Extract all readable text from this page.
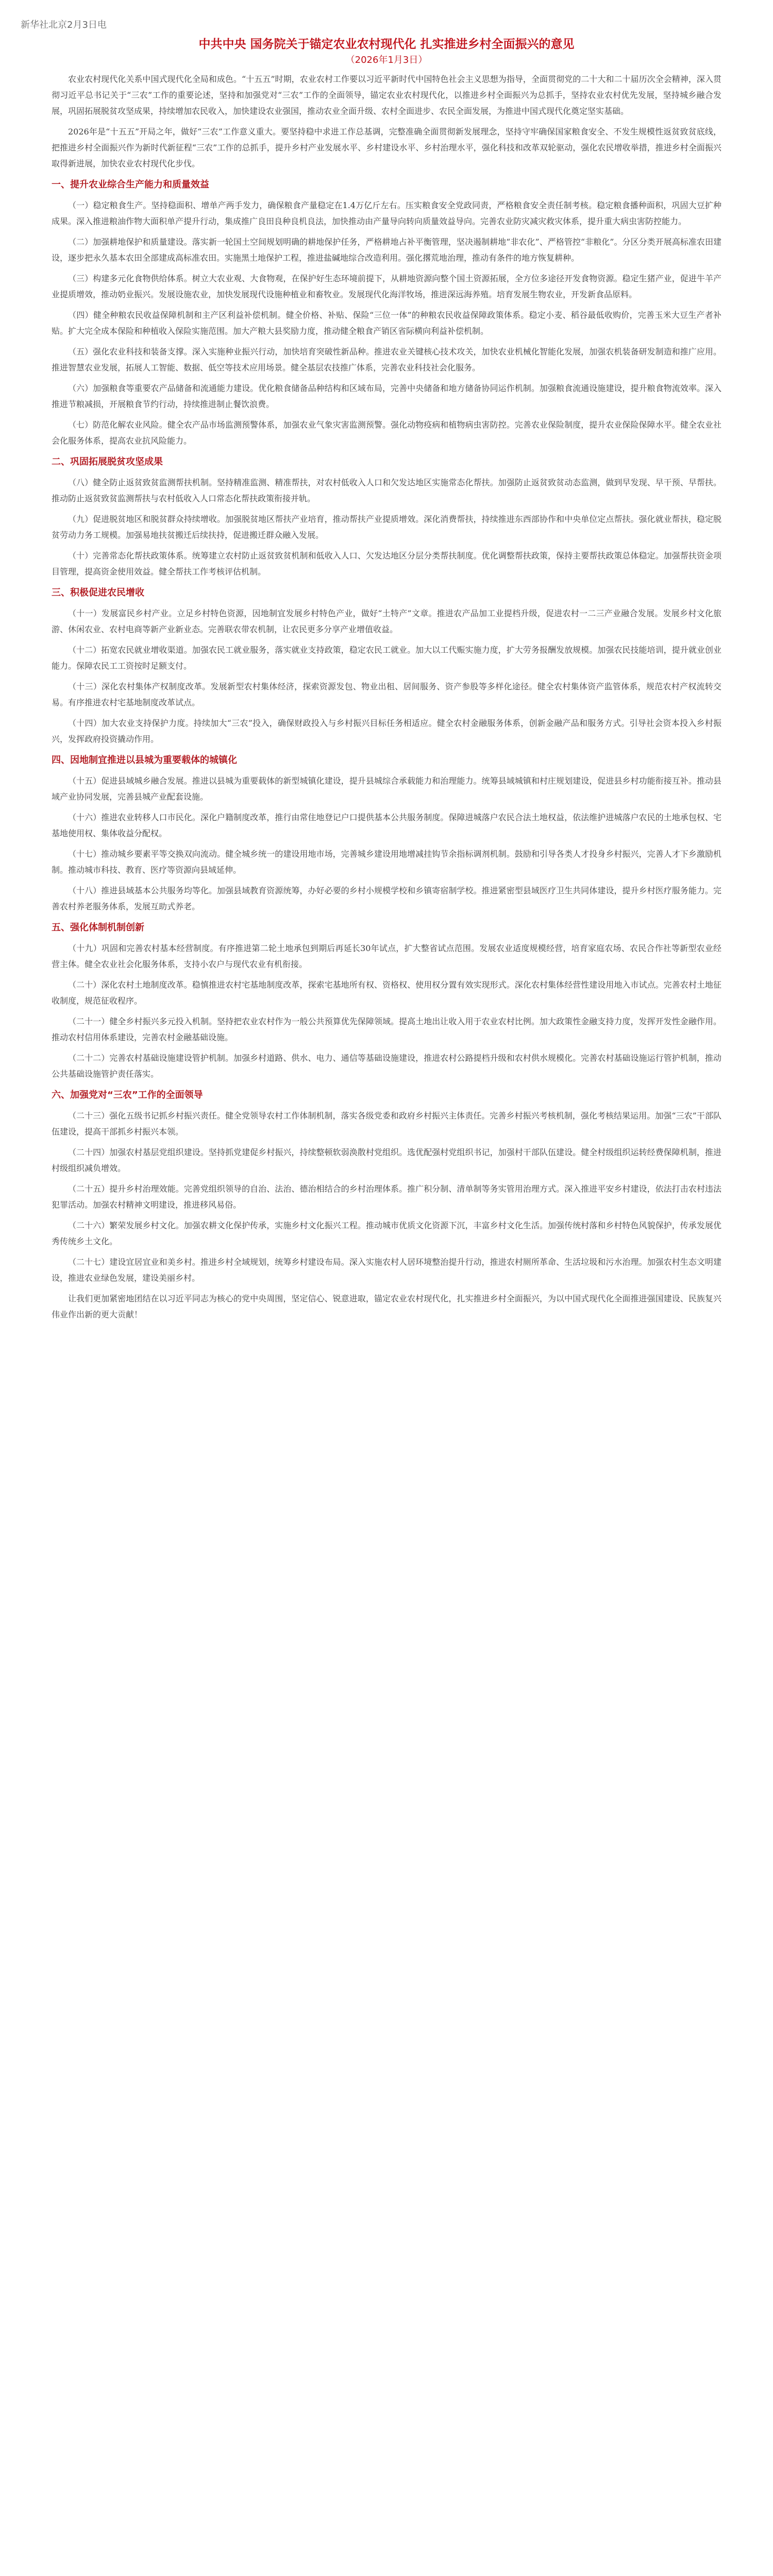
新华社北京2月3日电
中共中央 国务院关于锚定农业农村现代化 扎实推进乡村全面振兴的意见
（2026年1月3日）

农业农村现代化关系中国式现代化全局和成色。“十五五”时期，农业农村工作要以习近平新时代中国特色社会主义思想为指导，全面贯彻党的二十大和二十届历次全会精神，深入贯彻习近平总书记关于“三农”工作的重要论述，坚持和加强党对“三农”工作的全面领导，锚定农业农村现代化，以推进乡村全面振兴为总抓手，坚持农业农村优先发展，坚持城乡融合发展，巩固拓展脱贫攻坚成果，持续增加农民收入，加快建设农业强国，推动农业全面升级、农村全面进步、农民全面发展，为推进中国式现代化奠定坚实基础。

2026年是“十五五”开局之年，做好“三农”工作意义重大。要坚持稳中求进工作总基调，完整准确全面贯彻新发展理念，坚持守牢确保国家粮食安全、不发生规模性返贫致贫底线，把推进乡村全面振兴作为新时代新征程“三农”工作的总抓手，提升乡村产业发展水平、乡村建设水平、乡村治理水平，强化科技和改革双轮驱动，强化农民增收举措，推进乡村全面振兴取得新进展，加快农业农村现代化步伐。

一、提升农业综合生产能力和质量效益

（一）稳定粮食生产。坚持稳面积、增单产两手发力，确保粮食产量稳定在1.4万亿斤左右。压实粮食安全党政同责，严格粮食安全责任制考核。稳定粮食播种面积，巩固大豆扩种成果。深入推进粮油作物大面积单产提升行动，集成推广良田良种良机良法，加快推动由产量导向转向质量效益导向。完善农业防灾减灾救灾体系，提升重大病虫害防控能力。

（二）加强耕地保护和质量建设。落实新一轮国土空间规划明确的耕地保护任务，严格耕地占补平衡管理，坚决遏制耕地“非农化”、严格管控“非粮化”。分区分类开展高标准农田建设，逐步把永久基本农田全部建成高标准农田。实施黑土地保护工程，推进盐碱地综合改造利用。强化撂荒地治理，推动有条件的地方恢复耕种。

（三）构建多元化食物供给体系。树立大农业观、大食物观，在保护好生态环境前提下，从耕地资源向整个国土资源拓展，全方位多途径开发食物资源。稳定生猪产业，促进牛羊产业提质增效，推动奶业振兴。发展设施农业，加快发展现代设施种植业和畜牧业。发展现代化海洋牧场，推进深远海养殖。培育发展生物农业，开发新食品原料。

（四）健全种粮农民收益保障机制和主产区利益补偿机制。健全价格、补贴、保险“三位一体”的种粮农民收益保障政策体系。稳定小麦、稻谷最低收购价，完善玉米大豆生产者补贴。扩大完全成本保险和种植收入保险实施范围。加大产粮大县奖励力度，推动健全粮食产销区省际横向利益补偿机制。

（五）强化农业科技和装备支撑。深入实施种业振兴行动，加快培育突破性新品种。推进农业关键核心技术攻关，加快农业机械化智能化发展，加强农机装备研发制造和推广应用。推进智慧农业发展，拓展人工智能、数据、低空等技术应用场景。健全基层农技推广体系，完善农业科技社会化服务。

（六）加强粮食等重要农产品储备和流通能力建设。优化粮食储备品种结构和区域布局，完善中央储备和地方储备协同运作机制。加强粮食流通设施建设，提升粮食物流效率。深入推进节粮减损，开展粮食节约行动，持续推进制止餐饮浪费。

（七）防范化解农业风险。健全农产品市场监测预警体系，加强农业气象灾害监测预警。强化动物疫病和植物病虫害防控。完善农业保险制度，提升农业保险保障水平。健全农业社会化服务体系，提高农业抗风险能力。

二、巩固拓展脱贫攻坚成果

（八）健全防止返贫致贫监测帮扶机制。坚持精准监测、精准帮扶，对农村低收入人口和欠发达地区实施常态化帮扶。加强防止返贫致贫动态监测，做到早发现、早干预、早帮扶。推动防止返贫致贫监测帮扶与农村低收入人口常态化帮扶政策衔接并轨。

（九）促进脱贫地区和脱贫群众持续增收。加强脱贫地区帮扶产业培育，推动帮扶产业提质增效。深化消费帮扶，持续推进东西部协作和中央单位定点帮扶。强化就业帮扶，稳定脱贫劳动力务工规模。加强易地扶贫搬迁后续扶持，促进搬迁群众融入发展。

（十）完善常态化帮扶政策体系。统筹建立农村防止返贫致贫机制和低收入人口、欠发达地区分层分类帮扶制度。优化调整帮扶政策，保持主要帮扶政策总体稳定。加强帮扶资金项目管理，提高资金使用效益。健全帮扶工作考核评估机制。

三、积极促进农民增收

（十一）发展富民乡村产业。立足乡村特色资源，因地制宜发展乡村特色产业，做好“土特产”文章。推进农产品加工业提档升级，促进农村一二三产业融合发展。发展乡村文化旅游、休闲农业、农村电商等新产业新业态。完善联农带农机制，让农民更多分享产业增值收益。

（十二）拓宽农民就业增收渠道。加强农民工就业服务，落实就业支持政策，稳定农民工就业。加大以工代赈实施力度，扩大劳务报酬发放规模。加强农民技能培训，提升就业创业能力。保障农民工工资按时足额支付。

（十三）深化农村集体产权制度改革。发展新型农村集体经济，探索资源发包、物业出租、居间服务、资产参股等多样化途径。健全农村集体资产监管体系，规范农村产权流转交易。有序推进农村宅基地制度改革试点。

（十四）加大农业支持保护力度。持续加大“三农”投入，确保财政投入与乡村振兴目标任务相适应。健全农村金融服务体系，创新金融产品和服务方式。引导社会资本投入乡村振兴，发挥政府投资撬动作用。

四、因地制宜推进以县城为重要载体的城镇化

（十五）促进县域城乡融合发展。推进以县城为重要载体的新型城镇化建设，提升县城综合承载能力和治理能力。统筹县域城镇和村庄规划建设，促进县乡村功能衔接互补。推动县域产业协同发展，完善县城产业配套设施。

（十六）推进农业转移人口市民化。深化户籍制度改革，推行由常住地登记户口提供基本公共服务制度。保障进城落户农民合法土地权益，依法维护进城落户农民的土地承包权、宅基地使用权、集体收益分配权。

（十七）推动城乡要素平等交换双向流动。健全城乡统一的建设用地市场，完善城乡建设用地增减挂钩节余指标调剂机制。鼓励和引导各类人才投身乡村振兴，完善人才下乡激励机制。推动城市科技、教育、医疗等资源向县域延伸。

（十八）推进县域基本公共服务均等化。加强县域教育资源统筹，办好必要的乡村小规模学校和乡镇寄宿制学校。推进紧密型县域医疗卫生共同体建设，提升乡村医疗服务能力。完善农村养老服务体系，发展互助式养老。

五、强化体制机制创新

（十九）巩固和完善农村基本经营制度。有序推进第二轮土地承包到期后再延长30年试点，扩大整省试点范围。发展农业适度规模经营，培育家庭农场、农民合作社等新型农业经营主体。健全农业社会化服务体系，支持小农户与现代农业有机衔接。

（二十）深化农村土地制度改革。稳慎推进农村宅基地制度改革，探索宅基地所有权、资格权、使用权分置有效实现形式。深化农村集体经营性建设用地入市试点。完善农村土地征收制度，规范征收程序。

（二十一）健全乡村振兴多元投入机制。坚持把农业农村作为一般公共预算优先保障领域。提高土地出让收入用于农业农村比例。加大政策性金融支持力度，发挥开发性金融作用。推动农村信用体系建设，完善农村金融基础设施。

（二十二）完善农村基础设施建设管护机制。加强乡村道路、供水、电力、通信等基础设施建设，推进农村公路提档升级和农村供水规模化。完善农村基础设施运行管护机制，推动公共基础设施管护责任落实。

六、加强党对“三农”工作的全面领导

（二十三）强化五级书记抓乡村振兴责任。健全党领导农村工作体制机制，落实各级党委和政府乡村振兴主体责任。完善乡村振兴考核机制，强化考核结果运用。加强“三农”干部队伍建设，提高干部抓乡村振兴本领。

（二十四）加强农村基层党组织建设。坚持抓党建促乡村振兴，持续整顿软弱涣散村党组织。选优配强村党组织书记，加强村干部队伍建设。健全村级组织运转经费保障机制，推进村级组织减负增效。

（二十五）提升乡村治理效能。完善党组织领导的自治、法治、德治相结合的乡村治理体系。推广积分制、清单制等务实管用治理方式。深入推进平安乡村建设，依法打击农村违法犯罪活动。加强农村精神文明建设，推进移风易俗。

（二十六）繁荣发展乡村文化。加强农耕文化保护传承，实施乡村文化振兴工程。推动城市优质文化资源下沉，丰富乡村文化生活。加强传统村落和乡村特色风貌保护，传承发展优秀传统乡土文化。

（二十七）建设宜居宜业和美乡村。推进乡村全域规划，统筹乡村建设布局。深入实施农村人居环境整治提升行动，推进农村厕所革命、生活垃圾和污水治理。加强农村生态文明建设，推进农业绿色发展，建设美丽乡村。

让我们更加紧密地团结在以习近平同志为核心的党中央周围，坚定信心、锐意进取，锚定农业农村现代化，扎实推进乡村全面振兴，为以中国式现代化全面推进强国建设、民族复兴伟业作出新的更大贡献！
